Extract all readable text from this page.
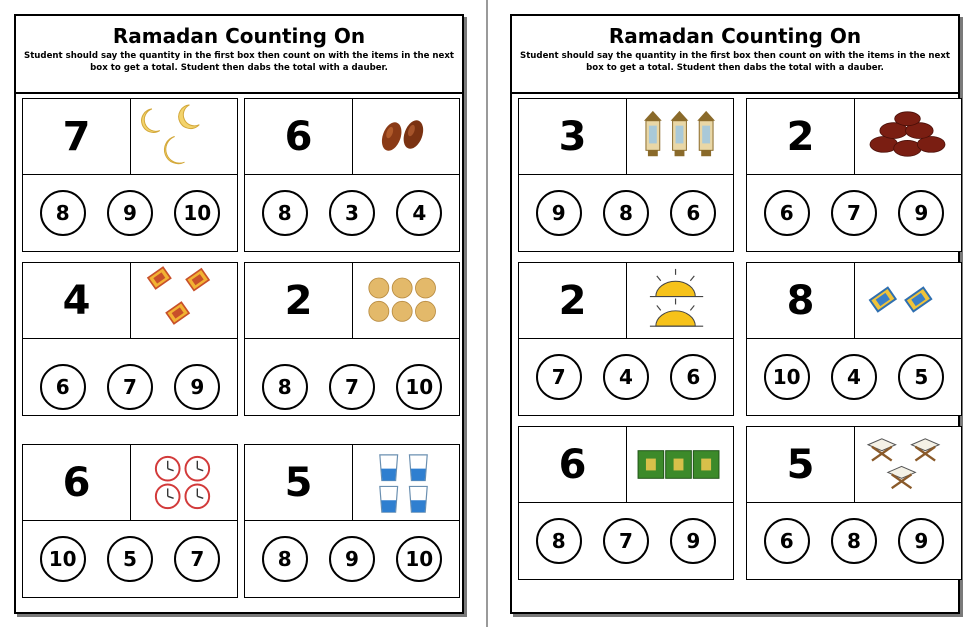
Ramadan Counting On
Student should say the quantity in the first box then count on with the items in the next box to get a total. Student then dabs the total with a dauber.
7
8	9	10
6
8	3	4
4
6	7	9
2
8	7	10
6
10	5	7
5
8	9	10
Ramadan Counting On
Student should say the quantity in the first box then count on with the items in the next box to get a total. Student then dabs the total with a dauber.
3
9	8	6
2
6	7	9
2
7	4	6
8
10	4	5
6
8	7	9
5
6	8	9
